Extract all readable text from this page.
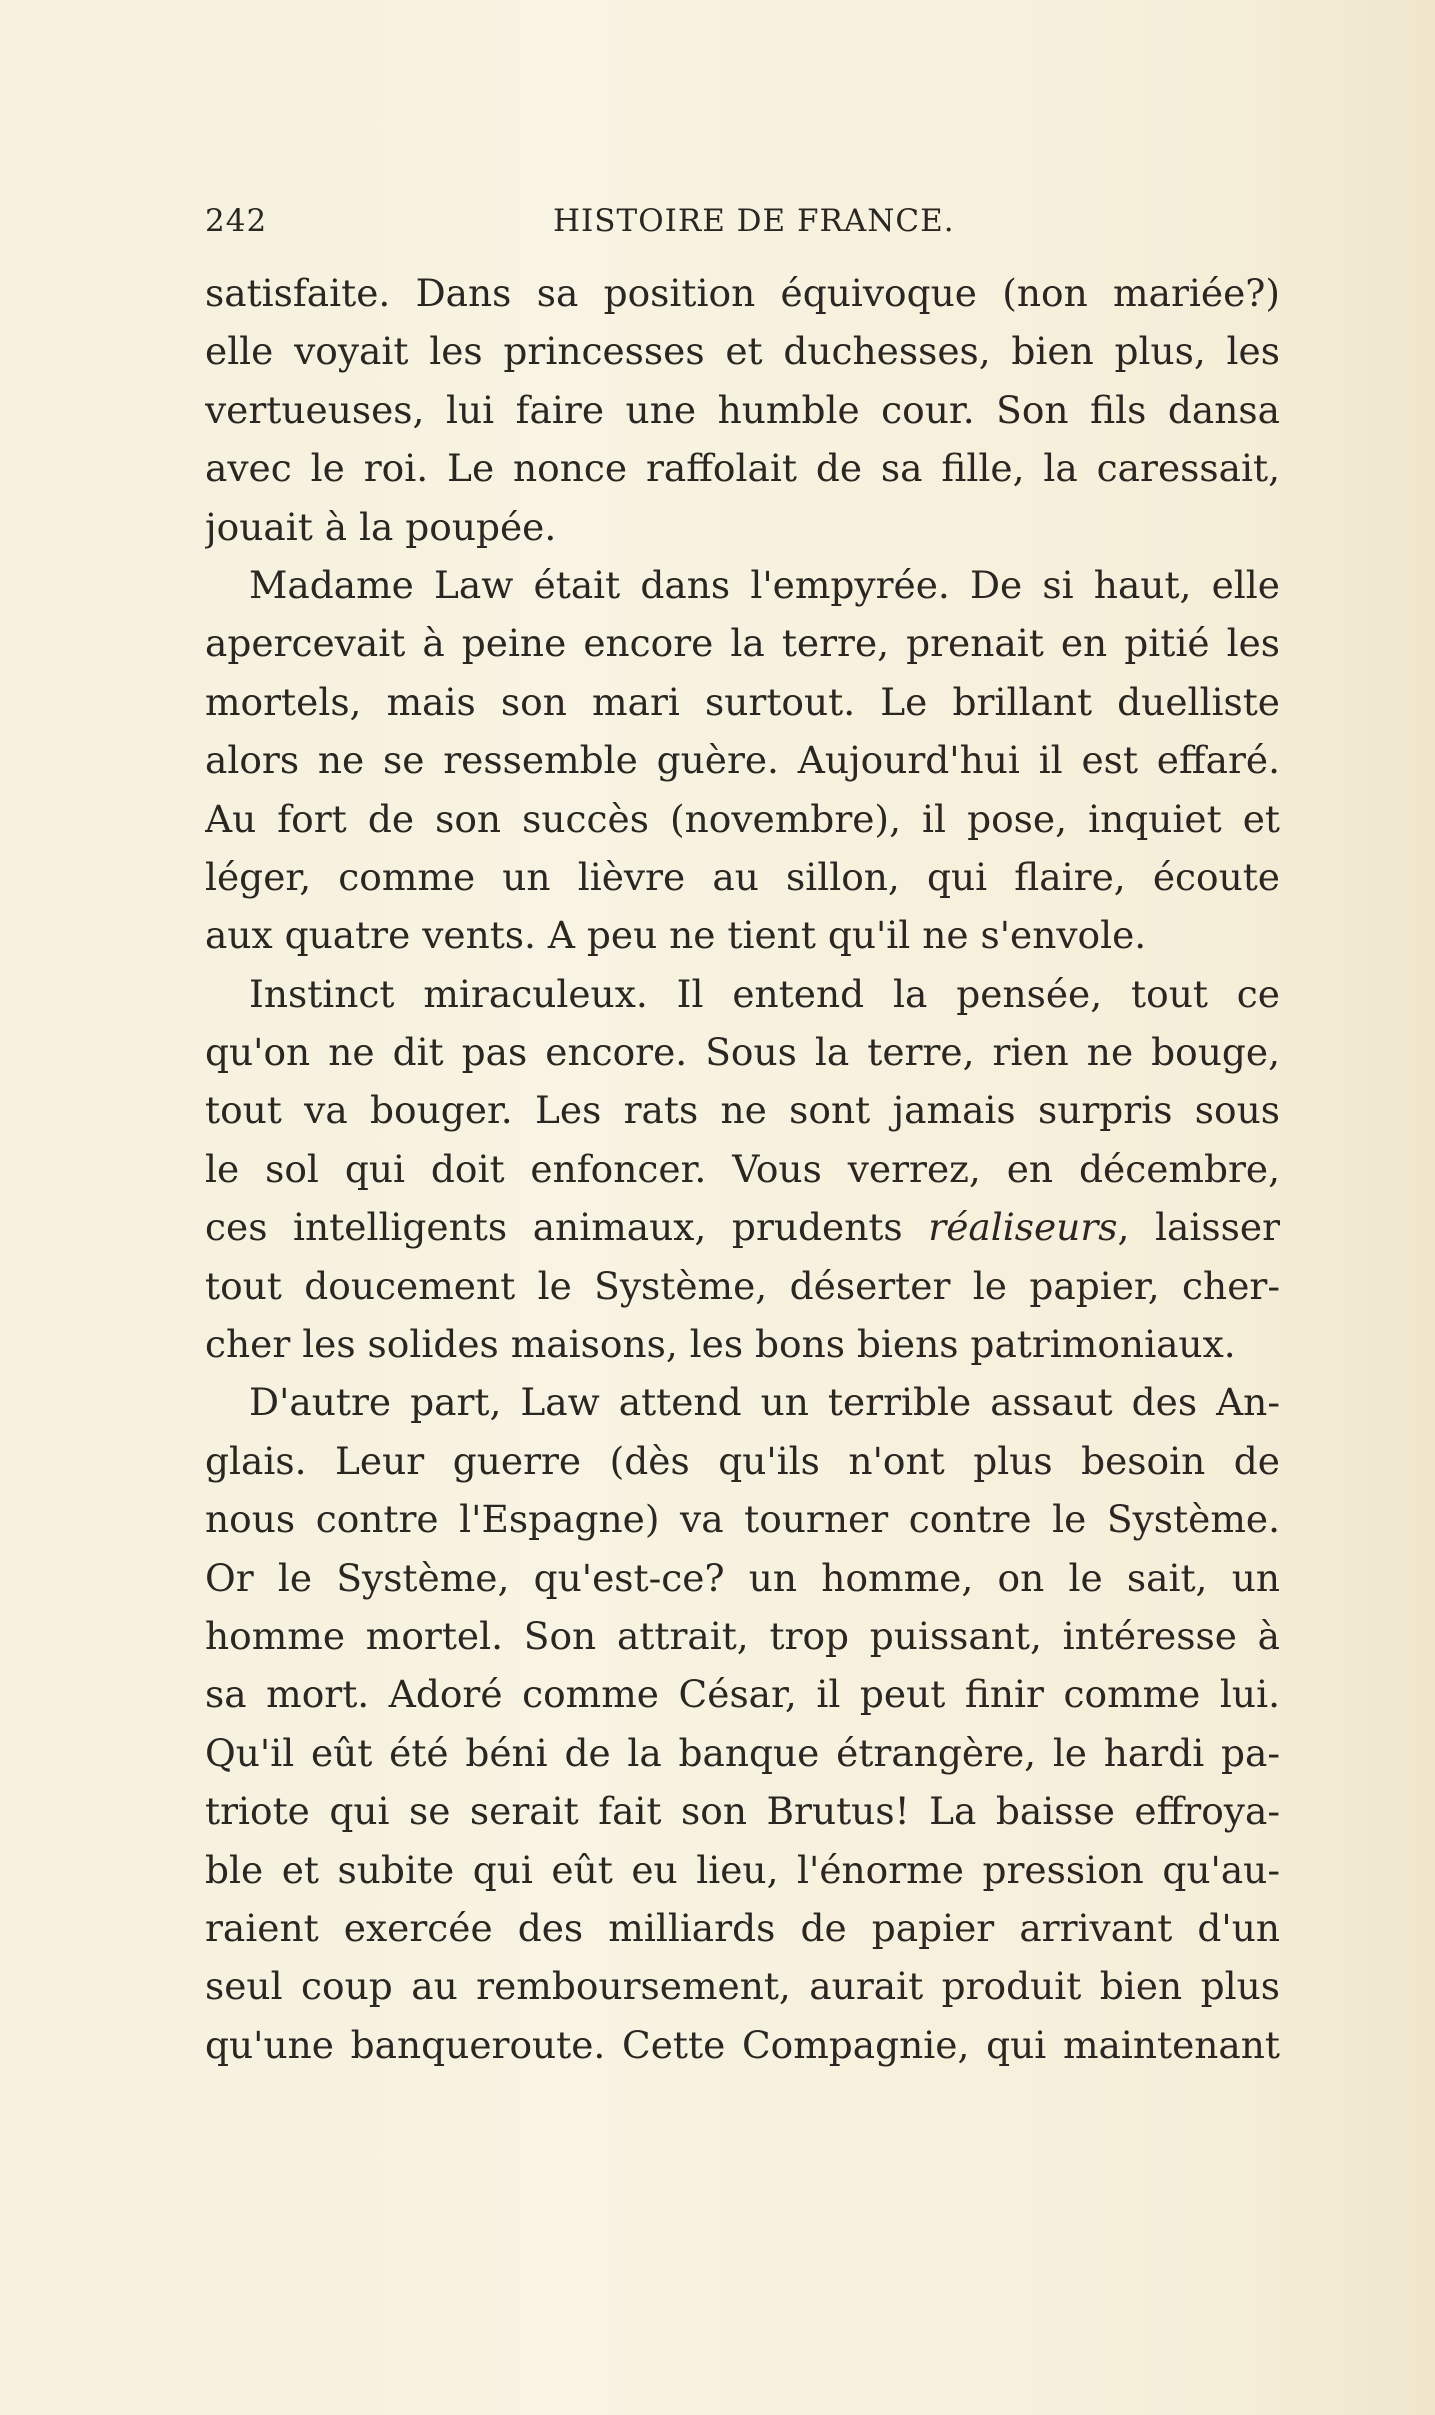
242	HISTOIRE DE FRANCE.
satisfaite. Dans sa position équivoque (non mariée?)
elle voyait les princesses et duchesses, bien plus, les
vertueuses, lui faire une humble cour. Son fils dansa
avec le roi. Le nonce raffolait de sa fille, la caressait,
jouait à la poupée.
Madame Law était dans l'empyrée. De si haut, elle
apercevait à peine encore la terre, prenait en pitié les
mortels, mais son mari surtout. Le brillant duelliste
alors ne se ressemble guère. Aujourd'hui il est effaré.
Au fort de son succès (novembre), il pose, inquiet et
léger, comme un lièvre au sillon, qui flaire, écoute
aux quatre vents. A peu ne tient qu'il ne s'envole.
Instinct miraculeux. Il entend la pensée, tout ce
qu'on ne dit pas encore. Sous la terre, rien ne bouge,
tout va bouger. Les rats ne sont jamais surpris sous
le sol qui doit enfoncer. Vous verrez, en décembre,
ces intelligents animaux, prudents réaliseurs, laisser
tout doucement le Système, déserter le papier, cher-
cher les solides maisons, les bons biens patrimoniaux.
D'autre part, Law attend un terrible assaut des An-
glais. Leur guerre (dès qu'ils n'ont plus besoin de
nous contre l'Espagne) va tourner contre le Système.
Or le Système, qu'est-ce? un homme, on le sait, un
homme mortel. Son attrait, trop puissant, intéresse à
sa mort. Adoré comme César, il peut finir comme lui.
Qu'il eût été béni de la banque étrangère, le hardi pa-
triote qui se serait fait son Brutus! La baisse effroya-
ble et subite qui eût eu lieu, l'énorme pression qu'au-
raient exercée des milliards de papier arrivant d'un
seul coup au remboursement, aurait produit bien plus
qu'une banqueroute. Cette Compagnie, qui maintenant
